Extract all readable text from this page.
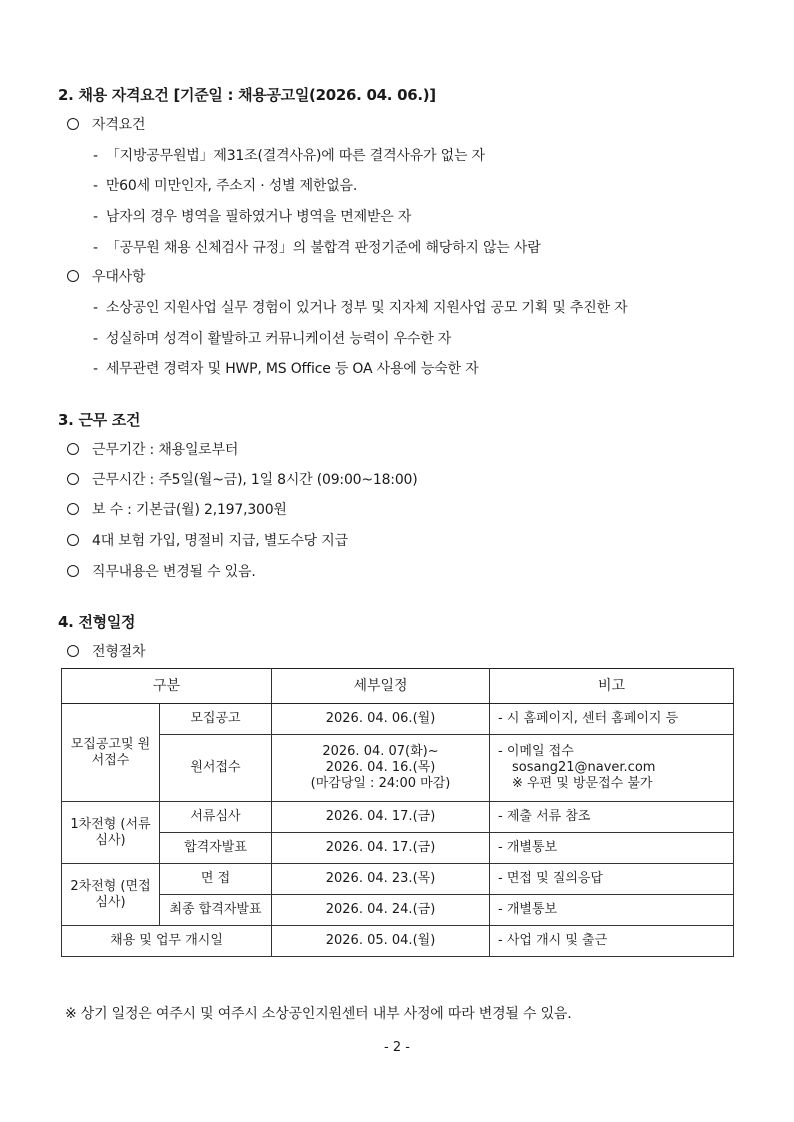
2. 채용 자격요건 [기준일 : 채용공고일(2026. 04. 06.)]
자격요건
- 「지방공무원법」제31조(결격사유)에 따른 결격사유가 없는 자
- 만60세 미만인자, 주소지 · 성별 제한없음.
- 남자의 경우 병역을 필하였거나 병역을 면제받은 자
- 「공무원 채용 신체검사 규정」의 불합격 판정기준에 해당하지 않는 사람
우대사항
- 소상공인 지원사업 실무 경험이 있거나 정부 및 지자체 지원사업 공모 기획 및 추진한 자
- 성실하며 성격이 활발하고 커뮤니케이션 능력이 우수한 자
- 세무관련 경력자 및 HWP, MS Office 등 OA 사용에 능숙한 자
3. 근무 조건
근무기간 : 채용일로부터
근무시간 : 주5일(월~금), 1일 8시간 (09:00~18:00)
보 수 : 기본급(월) 2,197,300원
4대 보험 가입, 명절비 지급, 별도수당 지급
직무내용은 변경될 수 있음.
4. 전형일정
전형절차
구분		세부일정	비고
모집공고및 원서접수	모집공고	2026. 04. 06.(월)	- 시 홈페이지, 센터 홈페이지 등
	원서접수	2026. 04. 07(화)~
2026. 04. 16.(목)
(마감당일 : 24:00 마감)	- 이메일 접수
sosang21@naver.com
※ 우편 및 방문접수 불가

1차전형 (서류심사)	서류심사	2026. 04. 17.(금)	- 제출 서류 참조
	합격자발표	2026. 04. 17.(금)	- 개별통보
2차전형 (면접심사)	면 접	2026. 04. 23.(목)	- 면접 및 질의응답
	최종 합격자발표	2026. 04. 24.(금)	- 개별통보
채용 및 업무 개시일		2026. 05. 04.(월)	- 사업 개시 및 출근
※ 상기 일정은 여주시 및 여주시 소상공인지원센터 내부 사정에 따라 변경될 수 있음.
- 2 -
